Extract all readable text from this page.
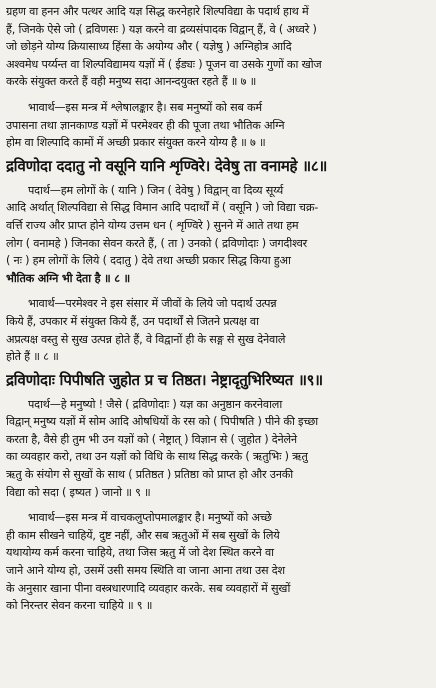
ग्रहण वा हनन और पत्थर आदि यज्ञ सिद्ध करनेहारे शिल्पविद्या के पदार्थ हाथ में
हैं, जिनके ऐसे जो ( द्रविणसः ) यज्ञ करने वा द्रव्यसंपादक विद्वान् हैं, वे ( अध्वरे )
जो छोड़ने योग्य क्रियासाध्य हिंसा के अयोग्य और ( यज्ञेषु ) अग्निहोत्र आदि
अश्वमेध पर्य्यन्त वा शिल्पविद्यामय यज्ञों में ( ईड्यः ) पूजन वा उसके गुणों का खोज
करके संयुक्त करते हैं वही मनुष्य सदा आनन्दयुक्त रहते हैं ॥ ७ ॥
भावार्थ—इस मन्त्र में श्लेषालङ्कार है। सब मनुष्यों को सब कर्म
उपासना तथा ज्ञानकाण्ड यज्ञों में परमेश्वर ही की पूजा तथा भौतिक अग्नि
होम वा शिल्पादि कामों में अच्छी प्रकार संयुक्त करने योग्य है ॥ ७ ॥
द्रविणोदा ददातु नो वसूनि यानि शृण्विरे। देवेषु ता वनामहे ॥८॥
पदार्थ—हम लोगों के ( यानि ) जिन ( देवेषु ) विद्वान् वा दिव्य सूर्य्य
आदि अर्थात् शिल्पविद्या से सिद्ध विमान आदि पदार्थों में ( वसूनि ) जो विद्या चक्र-
वर्त्ति राज्य और प्राप्त होने योग्य उत्तम धन ( शृण्विरे ) सुनने में आते तथा हम
लोग ( वनामहे ) जिनका सेवन करते हैं, ( ता ) उनको ( द्रविणोदाः ) जगदीश्वर
( नः ) हम लोगों के लिये ( ददातु ) देवे तथा अच्छी प्रकार सिद्ध किया हुआ
भौतिक अग्नि भी देता है ॥ ८ ॥
भावार्थ—परमेश्वर ने इस संसार में जीवों के लिये जो पदार्थ उत्पन्न
किये हैं, उपकार में संयुक्त किये हैं, उन पदार्थों से जितने प्रत्यक्ष वा
अप्रत्यक्ष वस्तु से सुख उत्पन्न होते हैं, वे विद्वानों ही के सङ्ग से सुख देनेवाले
होते हैं ॥ ८ ॥
द्रविणोदाः पिपीषति जुहोत प्र च तिष्ठत। नेष्ट्रादृतुभिरिष्यत ॥९॥
पदार्थ—हे मनुष्यो ! जैसे ( द्रविणोदाः ) यज्ञ का अनुष्ठान करनेवाला
विद्वान् मनुष्य यज्ञों में सोम आदि ओषधियों के रस को ( पिपीषति ) पीने की इच्छा
करता है, वैसे ही तुम भी उन यज्ञों को ( नेष्ट्रात् ) विज्ञान से ( जुहोत ) देनेलेने
का व्यवहार करो, तथा उन यज्ञों को विधि के साथ सिद्ध करके ( ऋतुभिः ) ऋतु
ऋतु के संयोग से सुखों के साथ ( प्रतिष्ठत ) प्रतिष्ठा को प्राप्त हो और उनकी
विद्या को सदा ( इष्यत ) जानो ॥ ९ ॥
भावार्थ—इस मन्त्र में वाचकलुप्तोपमालङ्कार है। मनुष्यों को अच्छे
ही काम सीखने चाहियें, दुष्ट नहीं, और सब ऋतुओं में सब सुखों के लिये
यथायोग्य कर्म करना चाहिये, तथा जिस ऋतु में जो देश स्थित करने वा
जाने आने योग्य हो, उसमें उसी समय स्थिति वा जाना आना तथा उस देश
के अनुसार खाना पीना वस्त्रधारणादि व्यवहार करके. सब व्यवहारों में सुखों
को निरन्तर सेवन करना चाहिये ॥ ९ ॥
